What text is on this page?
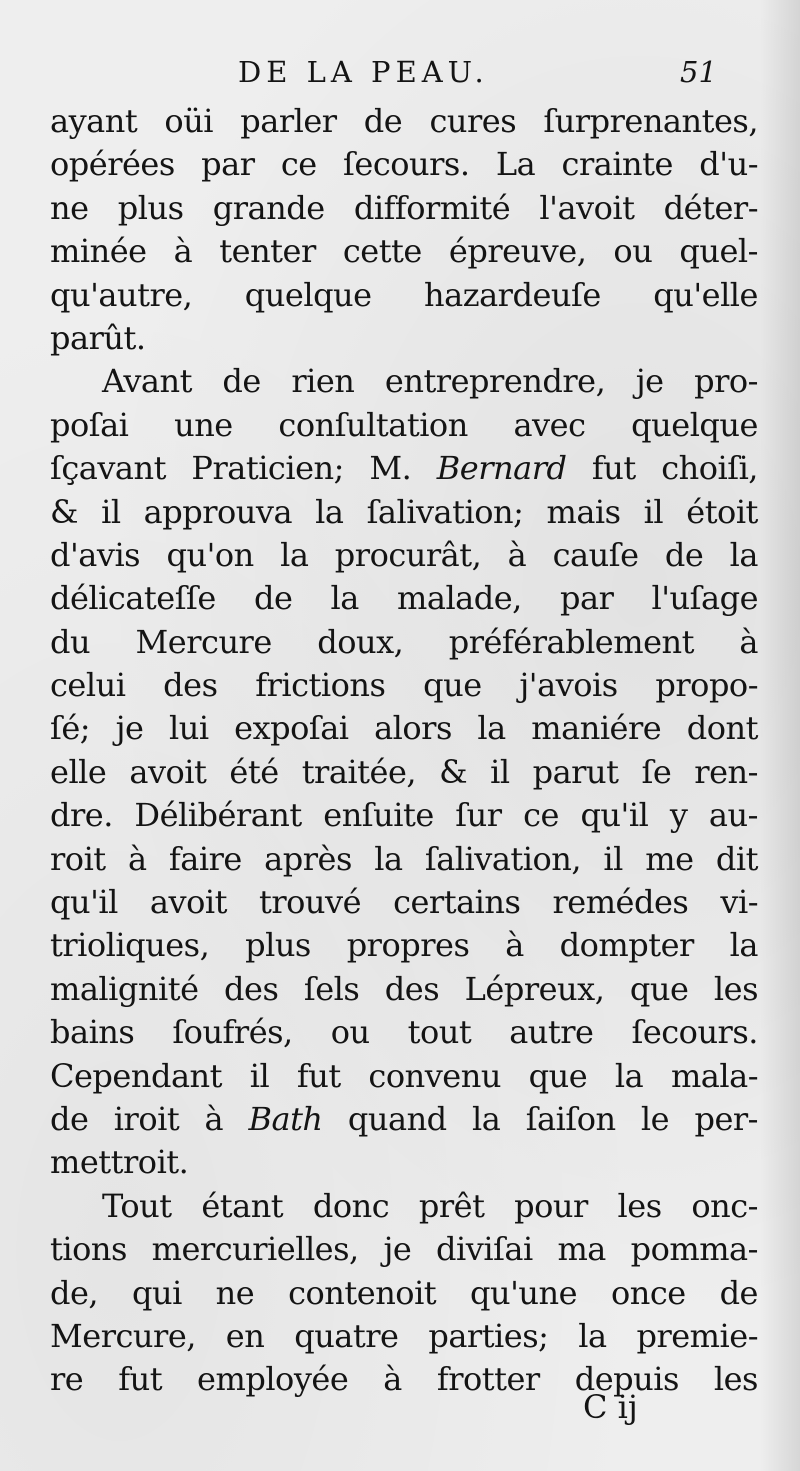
DE LA PEAU.	51
ayant oüi parler de cures ſurprenantes,
opérées par ce ſecours. La crainte d'u-
ne plus grande difformité l'avoit déter-
minée à tenter cette épreuve, ou quel-
qu'autre, quelque hazardeuſe qu'elle
parût.
Avant de rien entreprendre, je pro-
poſai une conſultation avec quelque
ſçavant Praticien; M. Bernard fut choiſi,
& il approuva la ſalivation; mais il étoit
d'avis qu'on la procurât, à cauſe de la
délicateſſe de la malade, par l'uſage
du Mercure doux, préférablement à
celui des frictions que j'avois propo-
ſé; je lui expoſai alors la maniére dont
elle avoit été traitée, & il parut ſe ren-
dre. Délibérant enſuite ſur ce qu'il y au-
roit à faire après la ſalivation, il me dit
qu'il avoit trouvé certains remédes vi-
trioliques, plus propres à dompter la
malignité des ſels des Lépreux, que les
bains ſoufrés, ou tout autre ſecours.
Cependant il fut convenu que la mala-
de iroit à Bath quand la ſaiſon le per-
mettroit.
Tout étant donc prêt pour les onc-
tions mercurielles, je diviſai ma pomma-
de, qui ne contenoit qu'une once de
Mercure, en quatre parties; la premie-
re fut employée à frotter depuis les
C ij
